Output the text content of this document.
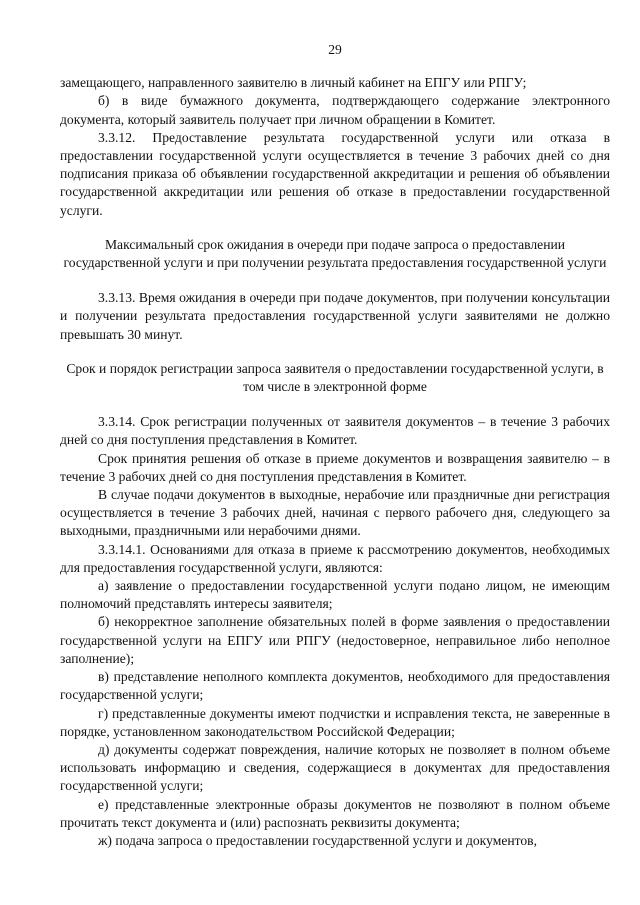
29

замещающего, направленного заявителю в личный кабинет на ЕПГУ или РПГУ;

б) в виде бумажного документа, подтверждающего содержание электронного документа, который заявитель получает при личном обращении в Комитет.

3.3.12. Предоставление результата государственной услуги или отказа в предоставлении государственной услуги осуществляется в течение 3 рабочих дней со дня подписания приказа об объявлении государственной аккредитации и решения об объявлении государственной аккредитации или решения об отказе в предоставлении государственной услуги.

Максимальный срок ожидания в очереди при подаче запроса о предоставлении государственной услуги и при получении результата предоставления государственной услуги

3.3.13. Время ожидания в очереди при подаче документов, при получении консультации и получении результата предоставления государственной услуги заявителями не должно превышать 30 минут.

Срок и порядок регистрации запроса заявителя о предоставлении государственной услуги, в том числе в электронной форме

3.3.14. Срок регистрации полученных от заявителя документов – в течение 3 рабочих дней со дня поступления представления в Комитет.

Срок принятия решения об отказе в приеме документов и возвращения заявителю – в течение 3 рабочих дней со дня поступления представления в Комитет.

В случае подачи документов в выходные, нерабочие или праздничные дни регистрация осуществляется в течение 3 рабочих дней, начиная с первого рабочего дня, следующего за выходными, праздничными или нерабочими днями.

3.3.14.1. Основаниями для отказа в приеме к рассмотрению документов, необходимых для предоставления государственной услуги, являются:

а) заявление о предоставлении государственной услуги подано лицом, не имеющим полномочий представлять интересы заявителя;

б) некорректное заполнение обязательных полей в форме заявления о предоставлении государственной услуги на ЕПГУ или РПГУ (недостоверное, неправильное либо неполное заполнение);

в) представление неполного комплекта документов, необходимого для предоставления государственной услуги;

г) представленные документы имеют подчистки и исправления текста, не заверенные в порядке, установленном законодательством Российской Федерации;

д) документы содержат повреждения, наличие которых не позволяет в полном объеме использовать информацию и сведения, содержащиеся в документах для предоставления государственной услуги;

е) представленные электронные образы документов не позволяют в полном объеме прочитать текст документа и (или) распознать реквизиты документа;

ж) подача запроса о предоставлении государственной услуги и документов,
